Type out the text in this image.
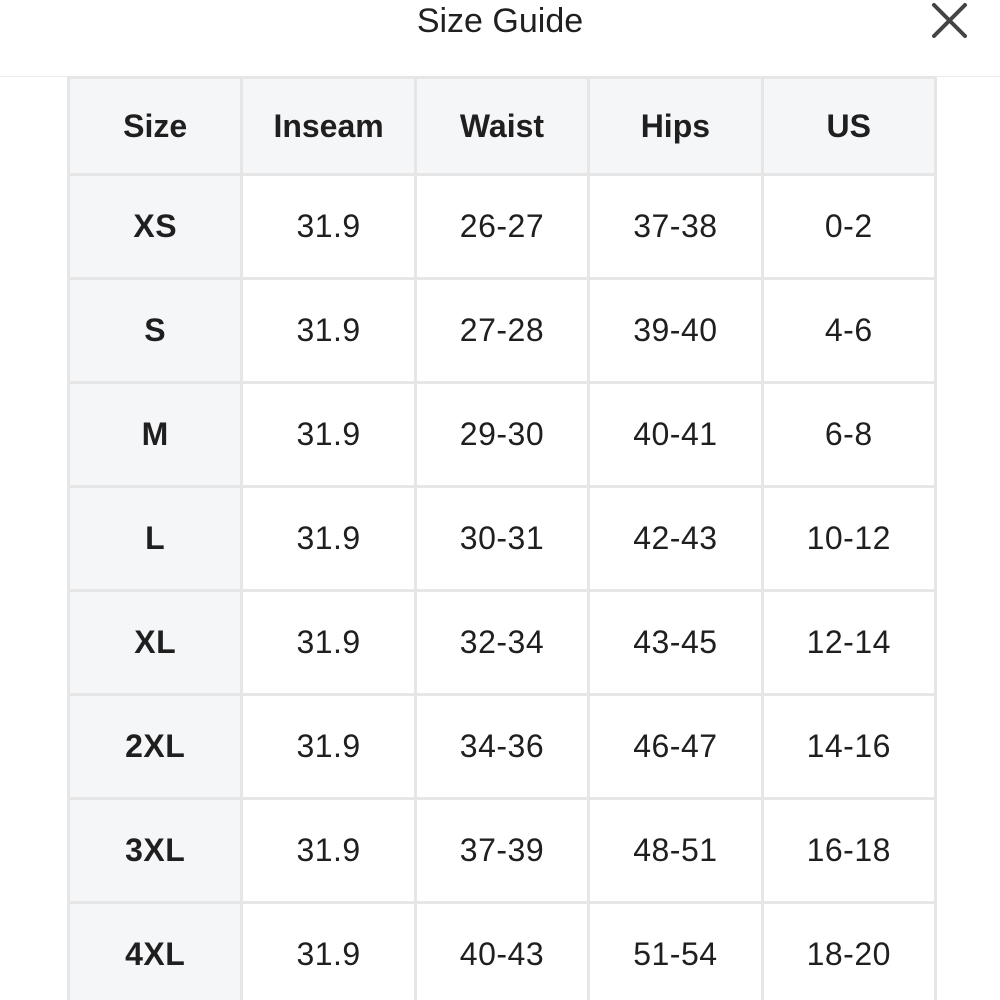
Size Guide
Size	Inseam	Waist	Hips	US
XS	31.9	26-27	37-38	0-2
S	31.9	27-28	39-40	4-6
M	31.9	29-30	40-41	6-8
L	31.9	30-31	42-43	10-12
XL	31.9	32-34	43-45	12-14
2XL	31.9	34-36	46-47	14-16
3XL	31.9	37-39	48-51	16-18
4XL	31.9	40-43	51-54	18-20
